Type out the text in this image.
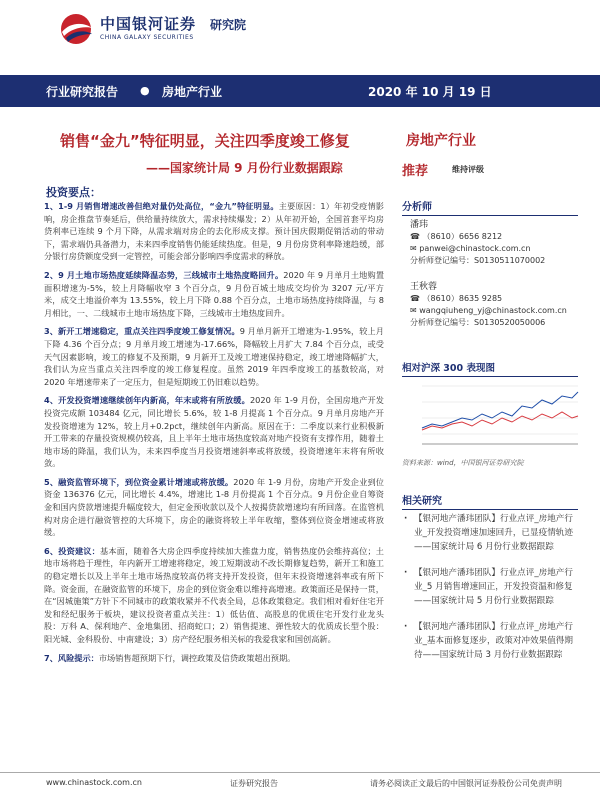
中国银河证券 研究院
CHINA GALAXY SECURITIES
行业研究报告 ● 房地产行业	2020 年 10 月 19 日
销售“金九”特征明显，关注四季度竣工修复
——国家统计局 9 月份行业数据跟踪
房地产行业
推荐	维持评级
投资要点：

1、1-9 月销售增速改善但绝对量仍处高位，“金九”特征明显。主要原因：1）年初受疫情影响，房企推盘节奏延后，供给量持续放大，需求持续爆发；2）从年初开始，全国首套平均房贷利率已连续 9 个月下降，从需求端对房企的去化形成支撑。预计国庆假期促销活动的带动下，需求端仍具备潜力，未来四季度销售仍能延续热度。但是，9 月份房贷利率降速趋缓，部分银行房贷额度受到一定管控，可能会部分影响四季度需求的释放。

2、9 月土地市场热度延续降温态势，三线城市土地热度略回升。2020 年 9 月单月土地购置面积增速为-5%，较上月降幅收窄 3 个百分点，9 月份百城土地成交均价为 3207 元/平方米，成交土地溢价率为 13.55%，较上月下降 0.88 个百分点，土地市场热度持续降温，与 8 月相比，一、二线城市土地市场热度下降，三线城市土地热度回升。

3、新开工增速稳定，重点关注四季度竣工修复情况。9 月单月新开工增速为-1.95%，较上月下降 4.36 个百分点；9 月单月竣工增速为-17.66%，降幅较上月扩大 7.84 个百分点，或受天气因素影响，竣工的修复不及预期，9 月新开工及竣工增速保持稳定，竣工增速降幅扩大，我们认为应当重点关注四季度的竣工修复程度。虽然 2019 年四季度竣工的基数较高，对 2020 年增速带来了一定压力，但是短期竣工仍旧难以趋势。

4、开发投资增速继续创年内新高，年末或将有所放缓。2020 年 1-9 月份，全国房地产开发投资完成额 103484 亿元，同比增长 5.6%，较 1-8 月提高 1 个百分点。9 月单月房地产开发投资增速为 12%，较上月+0.2pct，继续创年内新高。原因在于：二季度以来行业积极新开工带来的存量投资规模仍较高，且上半年土地市场热度较高对地产投资有支撑作用，随着土地市场的降温，我们认为，未来四季度当月投资增速斜率或将放缓，投资增速年末将有所收敛。

5、融资监管环境下，到位资金累计增速或将放缓。2020 年 1-9 月份，房地产开发企业到位资金 136376 亿元，同比增长 4.4%，增速比 1-8 月份提高 1 个百分点。9 月份企业自筹资金和国内贷款增速提升幅度较大，但定金预收款以及个人按揭贷款增速均有所回落。在监管机构对房企进行融资管控的大环境下，房企的融资将较上半年收缩，整体到位资金增速或将放缓。

6、投资建议：基本面，随着各大房企四季度持续加大推盘力度，销售热度仍会维持高位；土地市场将趋于理性，年内新开工增速将稳定，竣工短期波动不改长期修复趋势，新开工和施工的稳定增长以及上半年土地市场热度较高仍将支持开发投资，但年末投资增速斜率或有所下降。资金面，在融资监管的环境下，房企的到位资金难以维持高增速。政策面还是保持一贯，在“因城施策”方针下不同城市的政策收紧并不代表全局，总体政策稳定。我们相对看好住宅开发和经纪服务于板块，建议投资者重点关注：1）低估值、高股息的优质住宅开发行业龙头股：万科 A、保利地产、金地集团、招商蛇口；2）销售提速、弹性较大的优质成长型个股：阳光城、金科股份、中南建设；3）房产经纪服务相关标的我爱我家和国创高新。

7、风险提示：市场销售超预期下行，调控政策及信贷政策超出预期。

分析师
潘玮
☎ （8610）6656 8212
✉ panwei@chinastock.com.cn
分析师登记编号：S0130511070002
王秋蓉
☎ （8610）8635 9285
✉ wangqiuheng_yj@chinastock.com.cn
分析师登记编号：S0130520050006
相对沪深 300 表现图
资料来源：wind，中国银河证券研究院
相关研究
· 【银河地产潘玮团队】行业点评_房地产行业_开发投资增速加速回升，已显疫情轨迹——国家统计局 6 月份行业数据跟踪
· 【银河地产潘玮团队】行业点评_房地产行业_5 月销售增速回正，开发投资温和修复——国家统计局 5 月份行业数据跟踪
· 【银河地产潘玮团队】行业点评_房地产行业_基本面修复逐步，政策对冲效果值得期待——国家统计局 3 月份行业数据跟踪
www.chinastock.com.cn	证券研究报告	请务必阅读正文最后的中国银河证券股份公司免责声明
